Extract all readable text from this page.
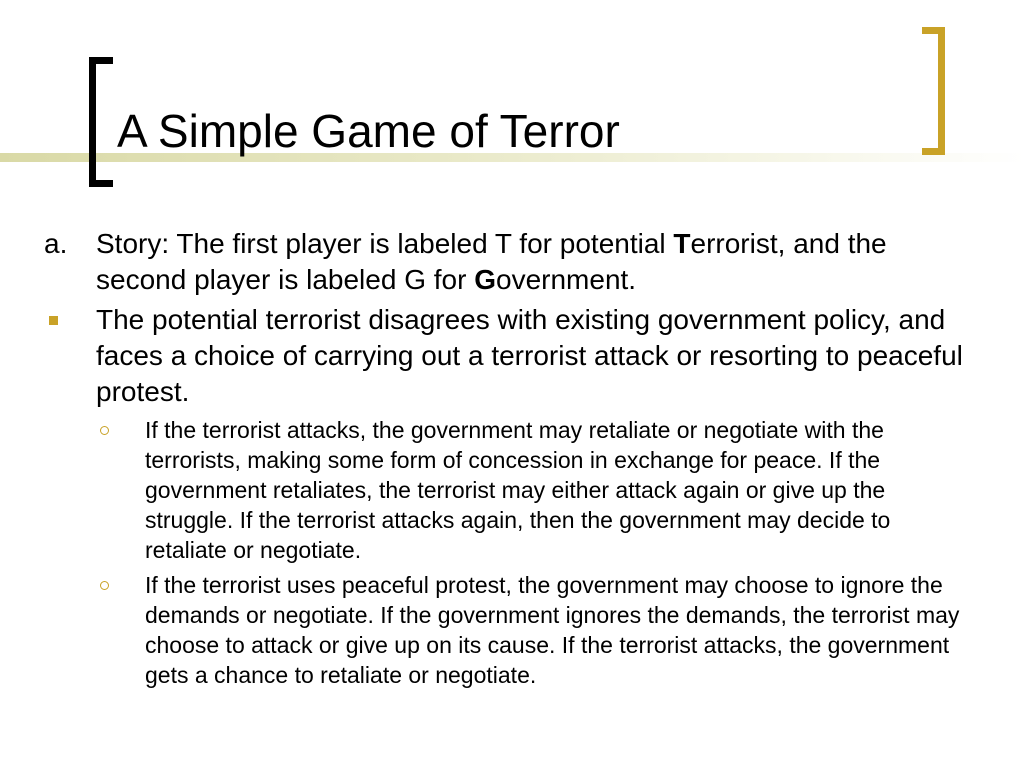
A Simple Game of Terror

a. Story: The first player is labeled T for potential Terrorist, and the second player is labeled G for Government.

The potential terrorist disagrees with existing government policy, and faces a choice of carrying out a terrorist attack or resorting to peaceful protest.
If the terrorist attacks, the government may retaliate or negotiate with the terrorists, making some form of concession in exchange for peace. If the government retaliates, the terrorist may either attack again or give up the struggle. If the terrorist attacks again, then the government may decide to retaliate or negotiate.
If the terrorist uses peaceful protest, the government may choose to ignore the demands or negotiate. If the government ignores the demands, the terrorist may choose to attack or give up on its cause. If the terrorist attacks, the government gets a chance to retaliate or negotiate.
